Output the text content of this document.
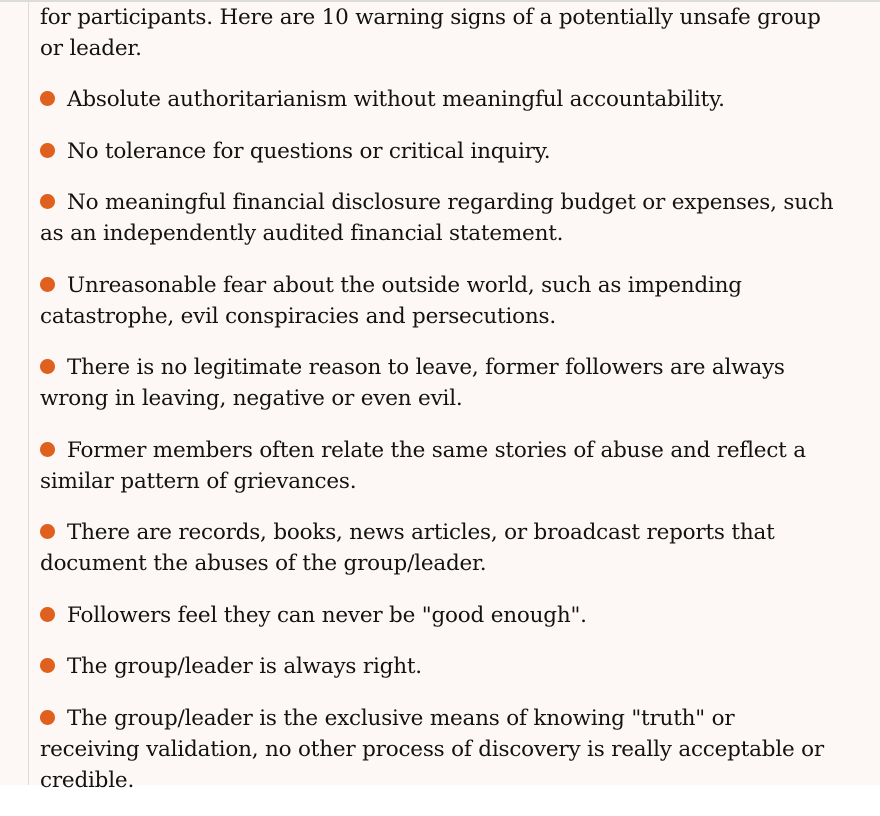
for participants. Here are 10 warning signs of a potentially unsafe group or leader.

Absolute authoritarianism without meaningful accountability.
No tolerance for questions or critical inquiry.
No meaningful financial disclosure regarding budget or expenses, such as an independently audited financial statement.
Unreasonable fear about the outside world, such as impending catastrophe, evil conspiracies and persecutions.
There is no legitimate reason to leave, former followers are always wrong in leaving, negative or even evil.
Former members often relate the same stories of abuse and reflect a similar pattern of grievances.
There are records, books, news articles, or broadcast reports that document the abuses of the group/leader.
Followers feel they can never be "good enough".
The group/leader is always right.
The group/leader is the exclusive means of knowing "truth" or receiving validation, no other process of discovery is really acceptable or credible.
